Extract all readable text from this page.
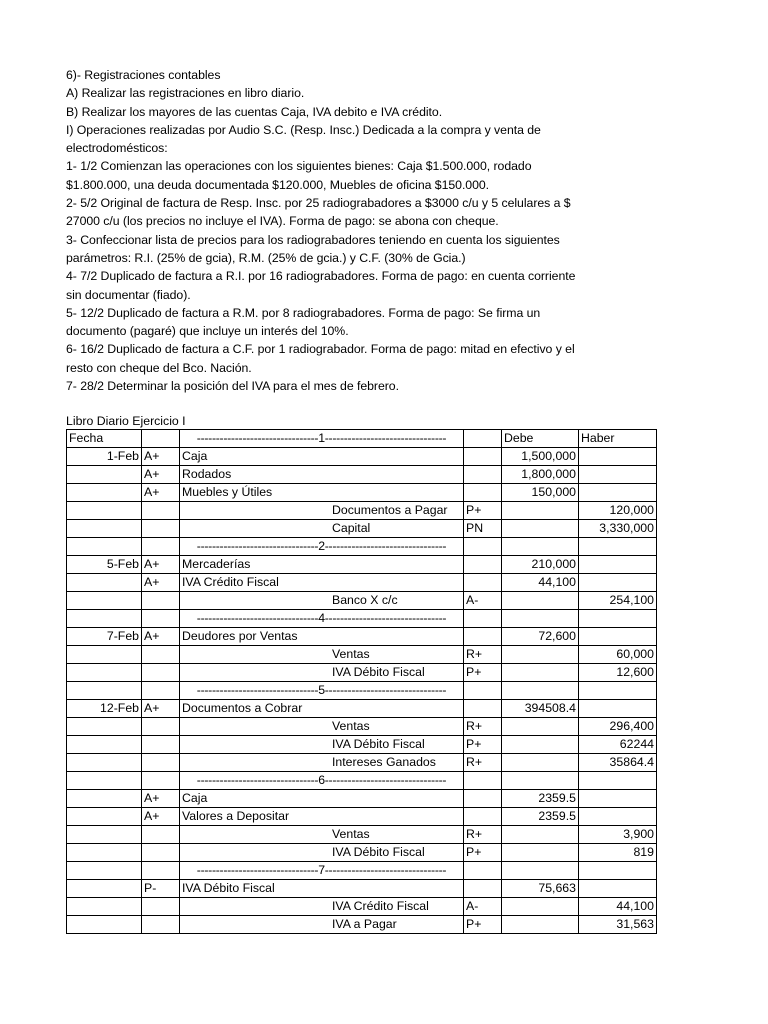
6)- Registraciones contables
A) Realizar las registraciones en libro diario.
B) Realizar los mayores de las cuentas Caja, IVA debito e IVA crédito.
I) Operaciones realizadas por Audio S.C. (Resp. Insc.) Dedicada a la compra y venta de
electrodomésticos:
1- 1/2 Comienzan las operaciones con los siguientes bienes: Caja $1.500.000, rodado
$1.800.000, una deuda documentada $120.000, Muebles de oficina $150.000.
2- 5/2 Original de factura de Resp. Insc. por 25 radiograbadores a $3000 c/u y 5 celulares a $
27000 c/u (los precios no incluye el IVA). Forma de pago: se abona con cheque.
3- Confeccionar lista de precios para los radiograbadores teniendo en cuenta los siguientes
parámetros: R.I. (25% de gcia), R.M. (25% de gcia.) y C.F. (30% de Gcia.)
4- 7/2 Duplicado de factura a R.I. por 16 radiograbadores. Forma de pago: en cuenta corriente
sin documentar (fiado).
5- 12/2 Duplicado de factura a R.M. por 8 radiograbadores. Forma de pago: Se firma un
documento (pagaré) que incluye un interés del 10%.
6- 16/2 Duplicado de factura a C.F. por 1 radiograbador. Forma de pago: mitad en efectivo y el
resto con cheque del Bco. Nación.
7- 28/2 Determinar la posición del IVA para el mes de febrero.
Libro Diario Ejercicio I
Fecha		--------------------------------1--------------------------------		Debe	Haber
1-Feb	A+	Caja		1,500,000	
	A+	Rodados		1,800,000	
	A+	Muebles y Útiles		150,000	
		Documentos a Pagar	P+		120,000
		Capital	PN		3,330,000
		--------------------------------2--------------------------------			
5-Feb	A+	Mercaderías		210,000	
	A+	IVA Crédito Fiscal		44,100	
		Banco X c/c	A-		254,100
		--------------------------------4--------------------------------			
7-Feb	A+	Deudores por Ventas		72,600	
		Ventas	R+		60,000
		IVA Débito Fiscal	P+		12,600
		--------------------------------5--------------------------------			
12-Feb	A+	Documentos a Cobrar		394508.4	
		Ventas	R+		296,400
		IVA Débito Fiscal	P+		62244
		Intereses Ganados	R+		35864.4
		--------------------------------6--------------------------------			
	A+	Caja		2359.5	
	A+	Valores a Depositar		2359.5	
		Ventas	R+		3,900
		IVA Débito Fiscal	P+		819
		--------------------------------7--------------------------------			
	P-	IVA Débito Fiscal		75,663	
		IVA Crédito Fiscal	A-		44,100
		IVA a Pagar	P+		31,563
